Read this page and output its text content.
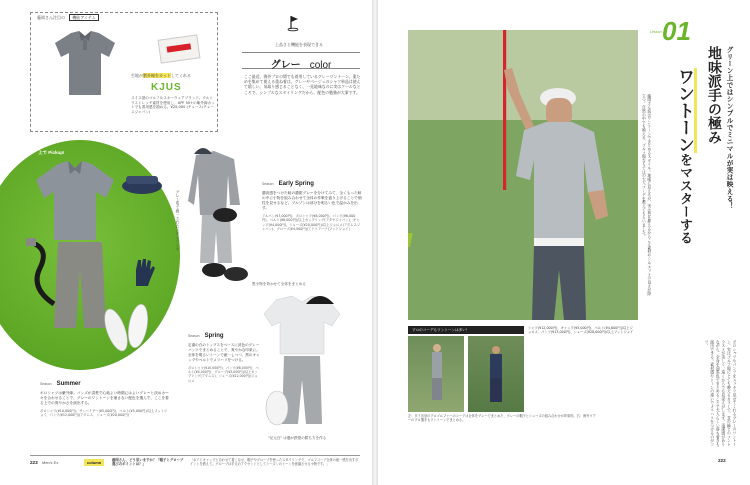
藤岡さん注目の 機能アイテム
生地が紫外線をカットしてくれる
KJUS
スイス発のゴルフ＆スキーウェアブランド。ウルトラストレッチ素材を使用し、UPF 50+の紫外線カットでも着用感を損ねる。¥25,000 (チュース/チュースジャパン)
上品さと機能を表現できる
グレー color
ここ最近、海外プロの間でも着用しているグレーワントーン。重ためを集めて使える重ね着は、グレーやベージュのシャツ単品は使えて嬉しい。気取り感じることなく、一見地味なのに実はクールなところで、シンプルなスタイリングだから、配色の勉強が大事です。
上で Pickup!
グレー系で統一されたスタイリング
黒小物を効かせて全体をまとめる
Season Early Spring
濃淡感をつけた暗の濃紺グレーを分けてみて、全くもった暗の中に小物を組み合わせて全体の作戦を盛り上げることで個性を見せるなど。ブルゾンは部分を明るい色で温かみを出す。
アルパン(¥7,000円)、ポロシャツ(¥8,000円)、パンツ(¥6,000円)、ベルト(¥8,000円)/以上カップリング(アタヤジャパン)、キャップ(¥4,000円)、シューズ(¥20,000円)/以上ジョロメ(アダムスジャパン)、グローブ(¥4,500円)/アドリアーナ(フットジョイ)
Season Spring
定番の白のトップスをベースに淡色のグレーパンツでまとめることで、爽やかな印象に。全体を明るいトーンで統一しつつ、黒のキャップやベルトでメリハリをつける。
ポロシャツ(¥10,000円)、パンツ(¥8,000円)、ベルト(¥4,000円)、グローブ(¥3,000円)/以上カップリング(アダムス)、シューズ(¥22,000円)/ジョロメ
"足元白" は曇が鉄壁の勝ち方を作る
Season Summer
ポロシャツは紫外線。バンズが清楚で心地よい時期にはよいグレーと淡めカーキを合わせることで、グレーのワントーンを崩さない配色を選んで、ここを着る上での爽やかさを演出する。
ポロシャツ(¥10,000円)、サンバイザー(¥5,000円)、ベルト(¥5,000円)/以上フットジョイ、パンツ(¥12,000円)/アダムス、シューズ(¥20,000円)
223 Men's Ex	column	藤岡さん、どう思いますか？「帽子とグローブ選びのポイントは？」
「ネイドキャップと合わせて着こなせ、帽子やグローブを使ったスタイリングで、ゴルフコーデ全体の統一感を出すポイントを教えて。グローブは手元のアクセントとしてシーズンのトーンを意識させる小物です。」
Lesson 01
グリーン上ではシンプルでミニマルが実は映える！
地味派手の極み
ワントーンをマスターする
藤岡さん流はワントーンでまとめるスタイル。地味に見えるが、実は色を抑えるからこそ素材やシルエットの良さが際立つ。自然の中でも映える、ゴルフ場ならではの大人コーデを教えてもらいました。
シャツ(¥12,000円)、キャップ(¥5,000円)、ベルト(¥4,800円)/以上ジョロメ、パンツ(¥13,000円)、シューズ(¥28,000円)/以上フットジョイ
プロのコーデもワントーンは多い！
左：タイ出身のプロゴルファーのコーデは全体をグレーでまとめた、グレーの帽子とシューズの組み合わせが印象的。右：海外ツアーのプロ選手もワントーンでまとめる。	ポロシャツやパンツをスッキリ見せてくれるグレーのワントーン。実はゴルフ場にとても映えるカラーで、芝の緑とのコントラストが美しく、遠くからでも見栄えがします。清潔感がありながら、全身を同系色でまとめることで大人らしい落ち着きも演出できる。素材感やトーンの違いでメリハリをつけるのがコツ。
222
